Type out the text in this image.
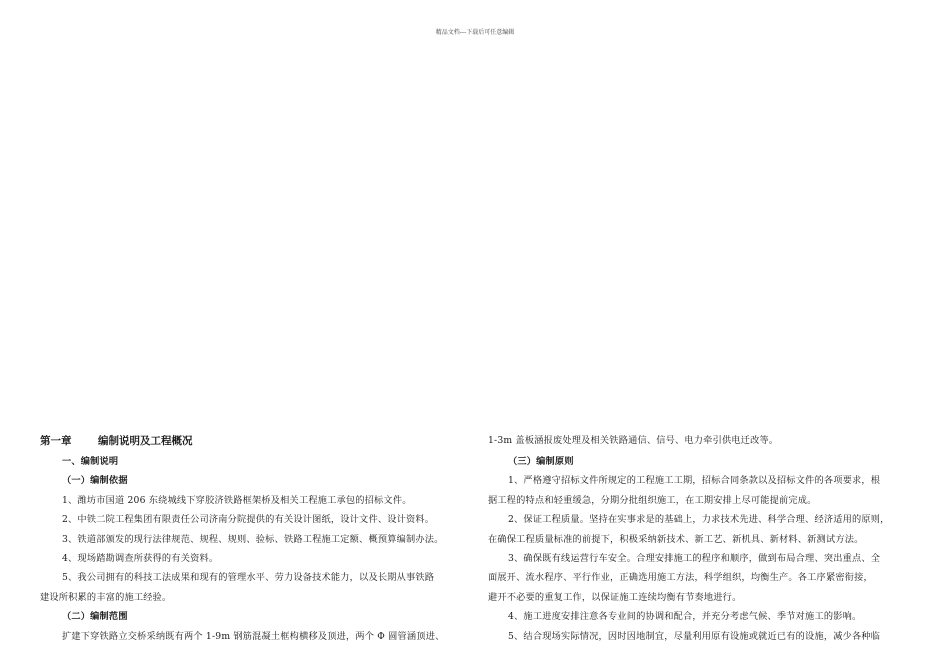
精品文档---下载后可任意编辑
第一章	编制说明及工程概况
一、编制说明
（一）编制依据
1、潍坊市国道 206 东绕城线下穿胶济铁路框架桥及相关工程施工承包的招标文件。
2、中铁二院工程集团有限责任公司济南分院提供的有关设计图纸，设计文件、设计资料。
3、铁道部颁发的现行法律规范、规程、规则、验标、铁路工程施工定额、概预算编制办法。
4、现场踏勘调查所获得的有关资料。
5、我公司拥有的科技工法成果和现有的管理水平、劳力设备技术能力，以及长期从事铁路
建设所积累的丰富的施工经验。
（二）编制范围
扩建下穿铁路立交桥采纳既有两个 1-9m 钢筋混凝土框构横移及顶进，两个 Φ 圆管涵顶进、
1-3m 盖板涵报废处理及相关铁路通信、信号、电力牵引供电迁改等。
（三）编制原则
1、严格遵守招标文件所规定的工程施工工期，招标合同条款以及招标文件的各项要求，根
据工程的特点和轻重缓急，分期分批组织施工，在工期安排上尽可能提前完成。
2、保证工程质量。坚持在实事求是的基础上，力求技术先进、科学合理、经济适用的原则，
在确保工程质量标准的前提下，积极采纳新技术、新工艺、新机具、新材料、新测试方法。
3、确保既有线运营行车安全。合理安排施工的程序和顺序，做到布局合理、突出重点、全
面展开、流水程序、平行作业，正确选用施工方法，科学组织，均衡生产。各工序紧密衔接，
避开不必要的重复工作，以保证施工连续均衡有节奏地进行。
4、施工进度安排注意各专业间的协调和配合，并充分考虑气候、季节对施工的影响。
5、结合现场实际情况，因时因地制宜，尽量利用原有设施或就近已有的设施，减少各种临
